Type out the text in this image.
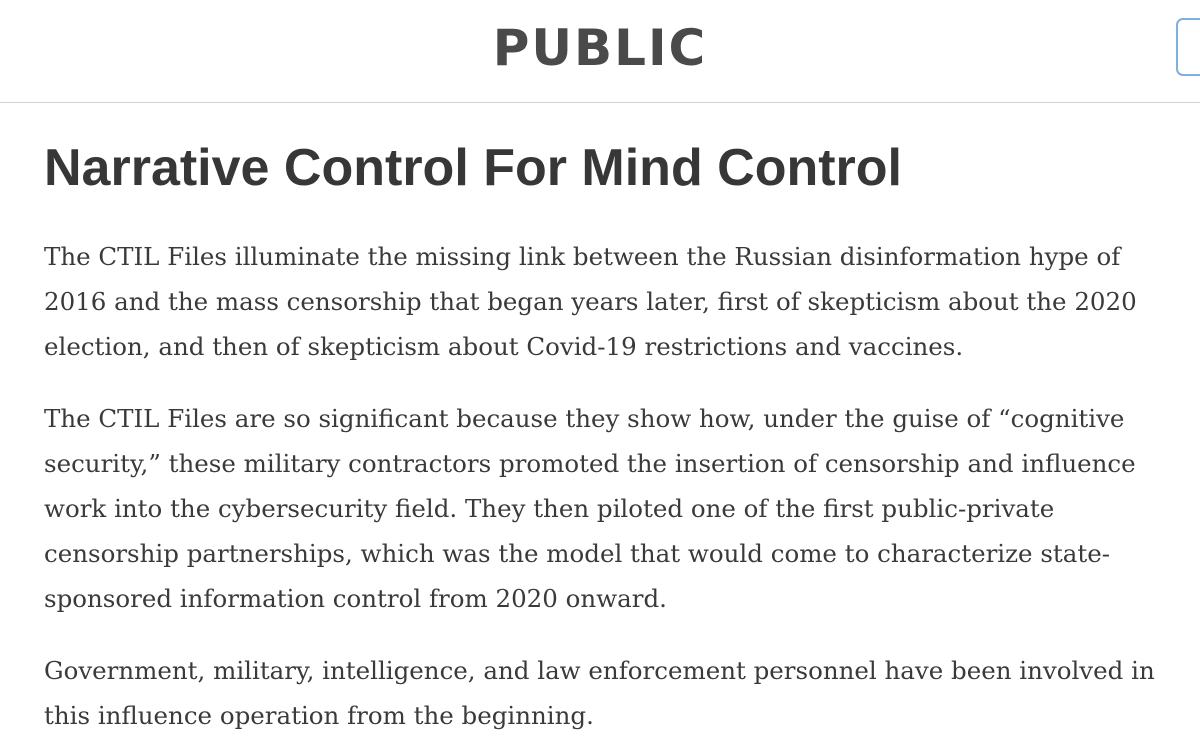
PUBLIC
Narrative Control For Mind Control

The CTIL Files illuminate the missing link between the Russian disinformation hype of 2016 and the mass censorship that began years later, first of skepticism about the 2020 election, and then of skepticism about Covid-19 restrictions and vaccines.

The CTIL Files are so significant because they show how, under the guise of “cognitive security,” these military contractors promoted the insertion of censorship and influence work into the cybersecurity field. They then piloted one of the first public-private censorship partnerships, which was the model that would come to characterize state-sponsored information control from 2020 onward.

Government, military, intelligence, and law enforcement personnel have been involved in this influence operation from the beginning.
